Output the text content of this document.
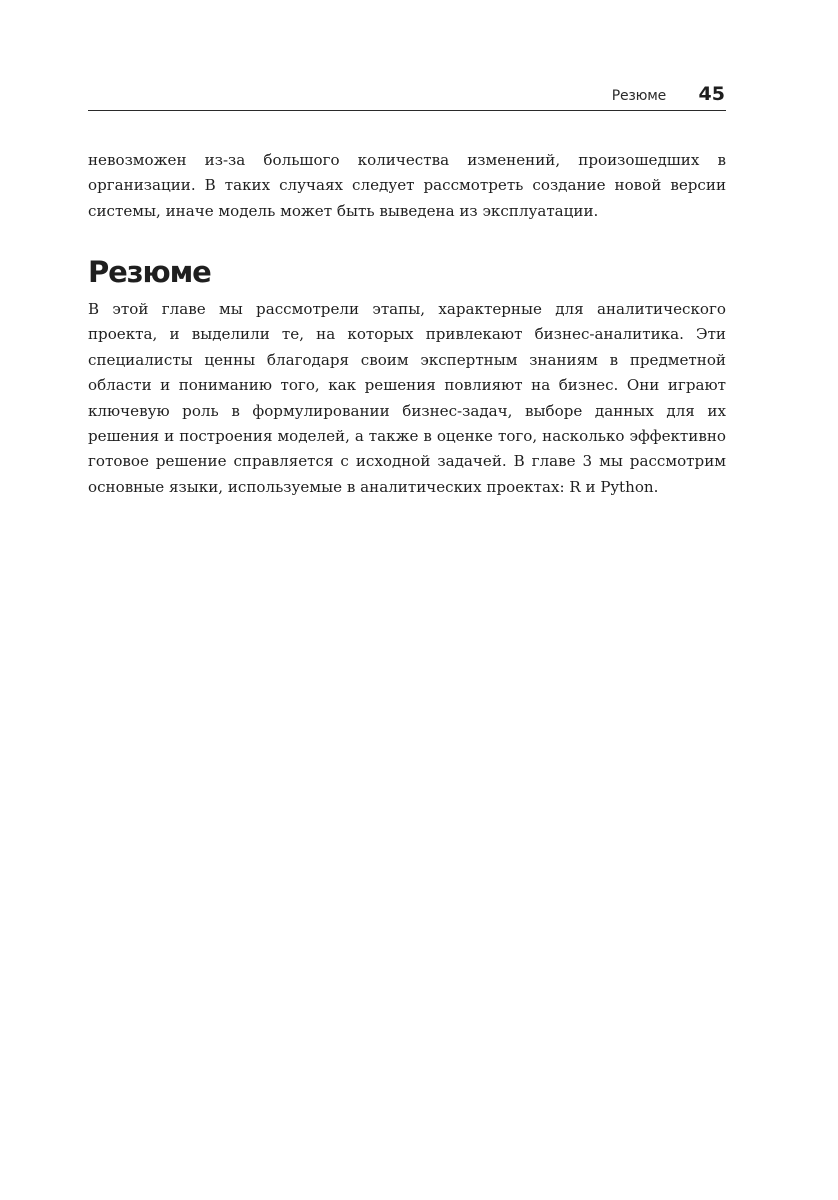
Резюме 45

невозможен из-за большого количества изменений, произошедших в организации. В таких случаях следует рассмотреть создание новой версии системы, иначе модель может быть выведена из эксплуатации.

Резюме

В этой главе мы рассмотрели этапы, характерные для аналитического проекта, и выделили те, на которых привлекают бизнес-аналитика. Эти специалисты ценны благодаря своим экспертным знаниям в предметной области и пониманию того, как решения повлияют на бизнес. Они играют ключевую роль в формулировании бизнес-задач, выборе данных для их решения и построения моделей, а также в оценке того, насколько эффективно готовое решение справляется с исходной задачей. В главе 3 мы рассмотрим основные языки, используемые в аналитических проектах: R и Python.
